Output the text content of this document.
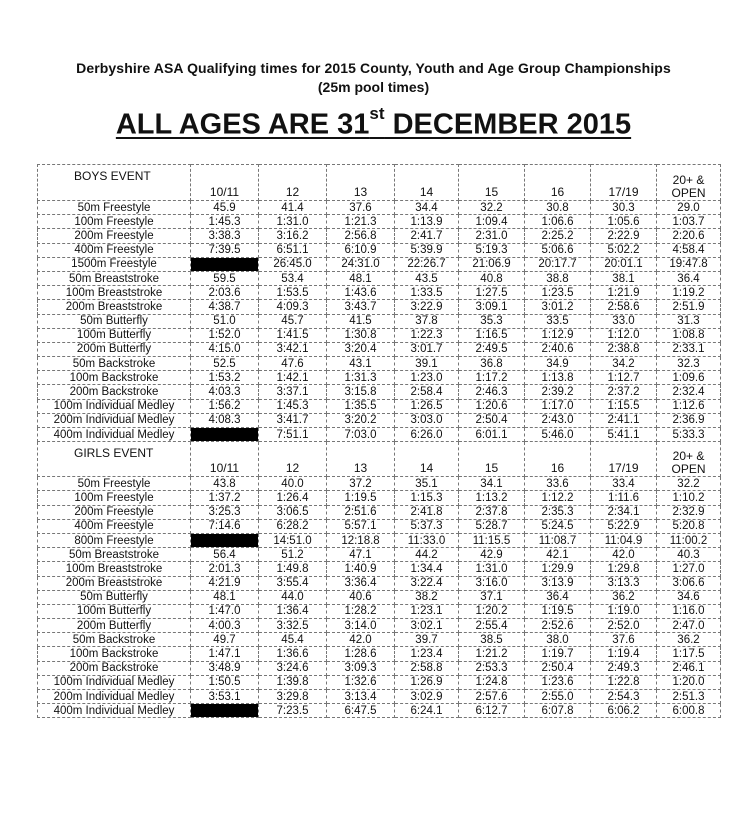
Derbyshire ASA Qualifying times for 2015 County, Youth and Age Group Championships
(25m pool times)
ALL AGES ARE 31st DECEMBER 2015
BOYS EVENT	10/11	12	13	14	15	16	17/19	20+ & OPEN
50m Freestyle	45.9	41.4	37.6	34.4	32.2	30.8	30.3	29.0
100m Freestyle	1:45.3	1:31.0	1:21.3	1:13.9	1:09.4	1:06.6	1:05.6	1:03.7
200m Freestyle	3:38.3	3:16.2	2:56.8	2:41.7	2:31.0	2:25.2	2:22.9	2:20.6
400m Freestyle	7:39.5	6:51.1	6:10.9	5:39.9	5:19.3	5:06.6	5:02.2	4:58.4
1500m Freestyle		26:45.0	24:31.0	22:26.7	21:06.9	20:17.7	20:01.1	19:47.8
50m Breaststroke	59.5	53.4	48.1	43.5	40.8	38.8	38.1	36.4
100m Breaststroke	2:03.6	1:53.5	1:43.6	1:33.5	1:27.5	1:23.5	1:21.9	1:19.2
200m Breaststroke	4:38.7	4:09.3	3:43.7	3:22.9	3:09.1	3:01.2	2:58.6	2:51.9
50m Butterfly	51.0	45.7	41.5	37.8	35.3	33.5	33.0	31.3
100m Butterfly	1:52.0	1:41.5	1:30.8	1:22.3	1:16.5	1:12.9	1:12.0	1:08.8
200m Butterfly	4:15.0	3:42.1	3:20.4	3:01.7	2:49.5	2:40.6	2:38.8	2:33.1
50m Backstroke	52.5	47.6	43.1	39.1	36.8	34.9	34.2	32.3
100m Backstroke	1:53.2	1:42.1	1:31.3	1:23.0	1:17.2	1:13.8	1:12.7	1:09.6
200m Backstroke	4:03.3	3:37.1	3:15.8	2:58.4	2:46.3	2:39.2	2:37.2	2:32.4
100m Individual Medley	1:56.2	1:45.3	1:35.5	1:26.5	1:20.6	1:17.0	1:15.5	1:12.6
200m Individual Medley	4:08.3	3:41.7	3:20.2	3:03.0	2:50.4	2:43.0	2:41.1	2:36.9
400m Individual Medley		7:51.1	7:03.0	6:26.0	6:01.1	5:46.0	5:41.1	5:33.3
GIRLS EVENT	10/11	12	13	14	15	16	17/19	20+ & OPEN
50m Freestyle	43.8	40.0	37.2	35.1	34.1	33.6	33.4	32.2
100m Freestyle	1:37.2	1:26.4	1:19.5	1:15.3	1:13.2	1:12.2	1:11.6	1:10.2
200m Freestyle	3:25.3	3:06.5	2:51.6	2:41.8	2:37.8	2:35.3	2:34.1	2:32.9
400m Freestyle	7:14.6	6:28.2	5:57.1	5:37.3	5:28.7	5:24.5	5:22.9	5:20.8
800m Freestyle		14:51.0	12:18.8	11:33.0	11:15.5	11:08.7	11:04.9	11:00.2
50m Breaststroke	56.4	51.2	47.1	44.2	42.9	42.1	42.0	40.3
100m Breaststroke	2:01.3	1:49.8	1:40.9	1:34.4	1:31.0	1:29.9	1:29.8	1:27.0
200m Breaststroke	4:21.9	3:55.4	3:36.4	3:22.4	3:16.0	3:13.9	3:13.3	3:06.6
50m Butterfly	48.1	44.0	40.6	38.2	37.1	36.4	36.2	34.6
100m Butterfly	1:47.0	1:36.4	1:28.2	1:23.1	1:20.2	1:19.5	1:19.0	1:16.0
200m Butterfly	4:00.3	3:32.5	3:14.0	3:02.1	2:55.4	2:52.6	2:52.0	2:47.0
50m Backstroke	49.7	45.4	42.0	39.7	38.5	38.0	37.6	36.2
100m Backstroke	1:47.1	1:36.6	1:28.6	1:23.4	1:21.2	1:19.7	1:19.4	1:17.5
200m Backstroke	3:48.9	3:24.6	3:09.3	2:58.8	2:53.3	2:50.4	2:49.3	2:46.1
100m Individual Medley	1:50.5	1:39.8	1:32.6	1:26.9	1:24.8	1:23.6	1:22.8	1:20.0
200m Individual Medley	3:53.1	3:29.8	3:13.4	3:02.9	2:57.6	2:55.0	2:54.3	2:51.3
400m Individual Medley		7:23.5	6:47.5	6:24.1	6:12.7	6:07.8	6:06.2	6:00.8
